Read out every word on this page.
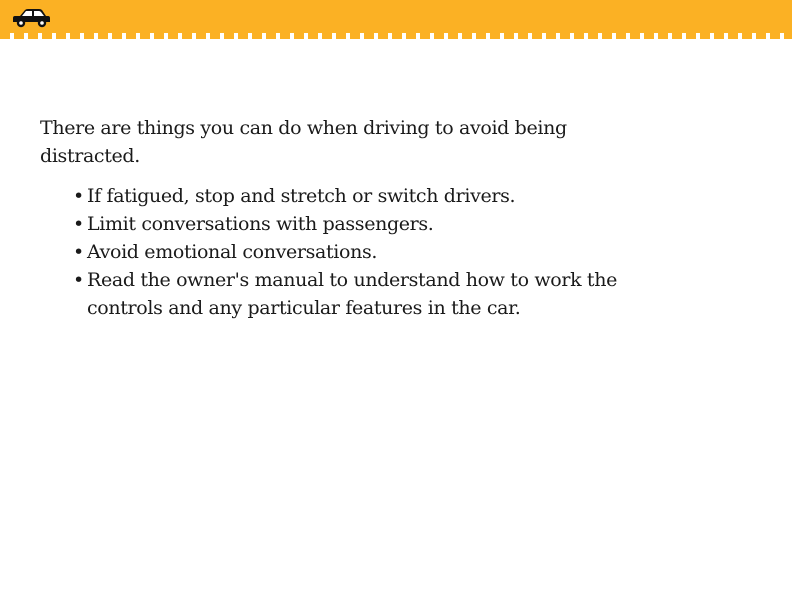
There are things you can do when driving to avoid being distracted.

• If fatigued, stop and stretch or switch drivers.
• Limit conversations with passengers.
• Avoid emotional conversations.
• Read the owner's manual to understand how to work the controls and any particular features in the car.
